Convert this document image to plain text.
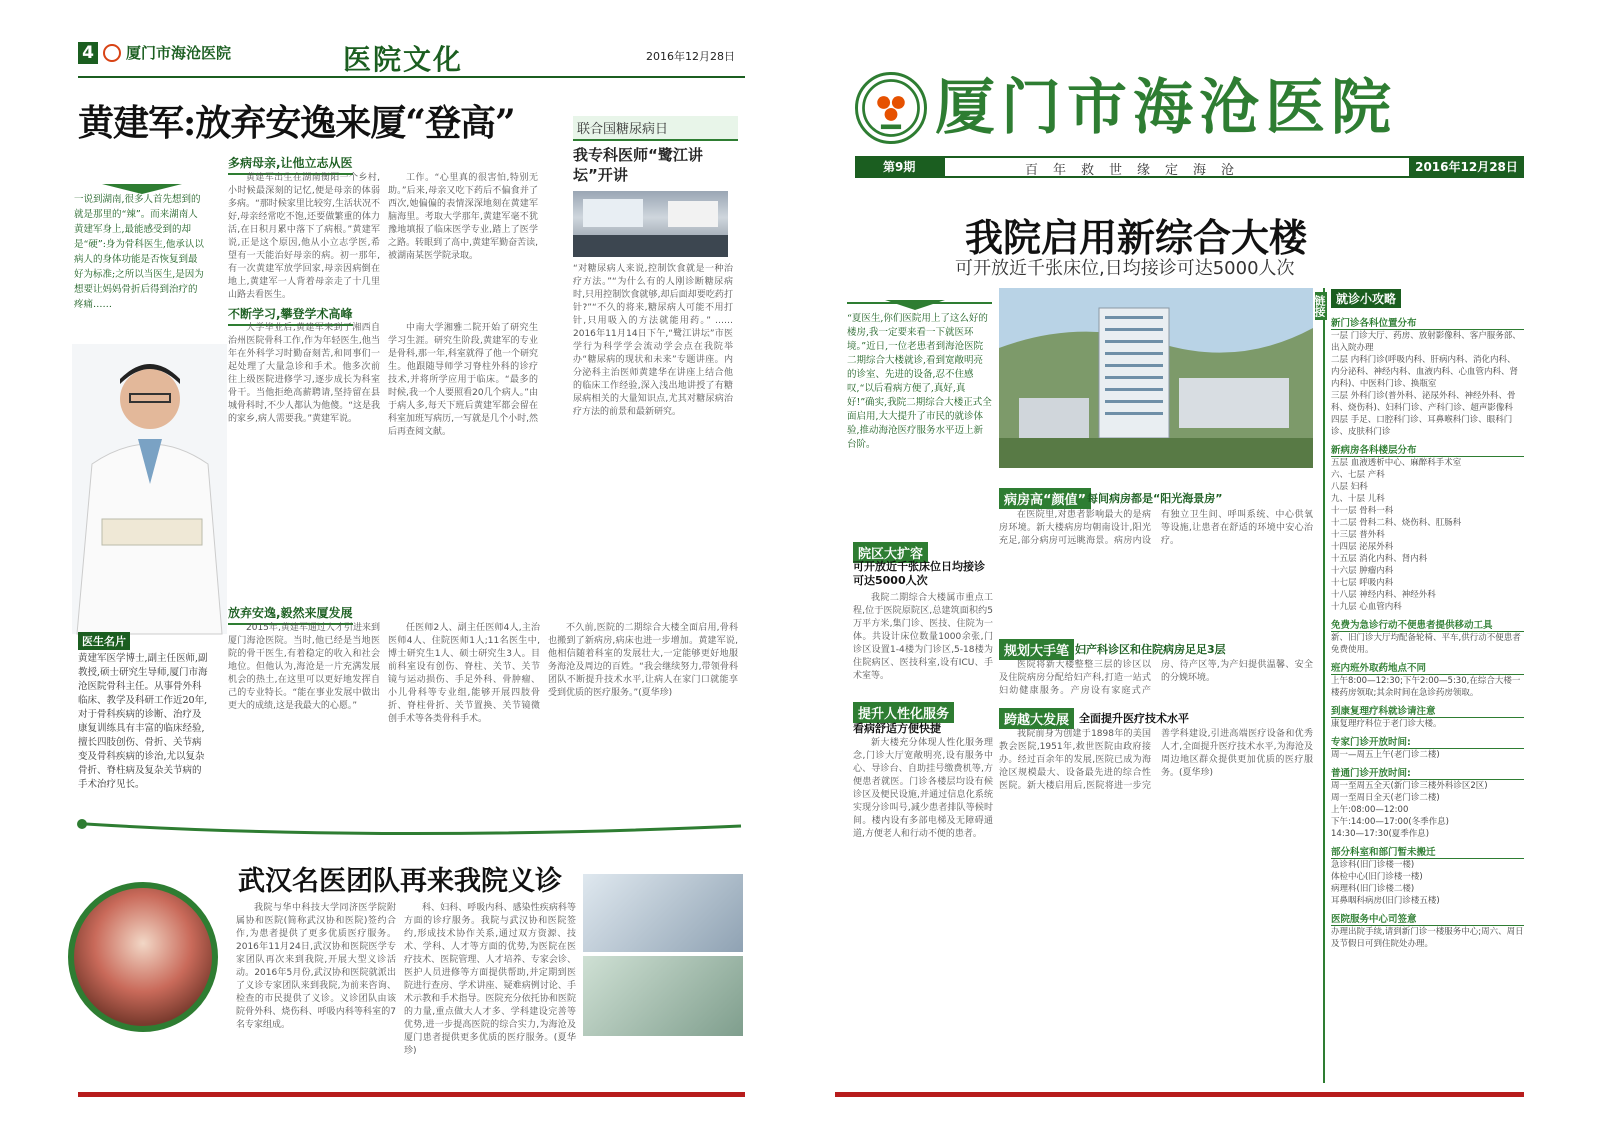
4 厦门市海沧医院	医院文化	2016年12月28日
黄建军:放弃安逸来厦“登高”	联合国糖尿病日
我专科医师“鹭江讲坛”开讲
“对糖尿病人来说,控制饮食就是一种治疗方法。”“为什么有的人刚诊断糖尿病时,只用控制饮食就够,却后面却要吃药打针?”“不久的将来,糖尿病人可能不用打针,只用吸入的方法就能用药。” ……2016年11月14日下午,“鹭江讲坛”市医学行为科学学会流动学会点在我院举办“糖尿病的现状和未来”专题讲座。内分泌科主治医师黄建华在讲座上结合他的临床工作经验,深入浅出地讲授了有糖尿病相关的大量知识点,尤其对糖尿病治疗方法的前景和最新研究。
一说到湖南,很多人首先想到的就是那里的“辣”。而来湖南人黄建军身上,最能感受到的却是“硬”:身为骨科医生,他承认以病人的身体功能是否恢复到最好为标准;之所以当医生,是因为想要让妈妈骨折后得到治疗的疼痛……
多病母亲,让他立志从医

黄建军出生在湖南衡阳一个乡村,小时候最深刻的记忆,便是母亲的体弱多病。“那时候家里比较穷,生活状况不好,母亲经常吃不饱,还要做繁重的体力活,在日积月累中落下了病根。”黄建军说,正是这个原因,他从小立志学医,希望有一天能治好母亲的病。初一那年,有一次黄建军放学回家,母亲因病倒在地上,黄建军一人背着母亲走了十几里山路去看医生。

工作。“心里真的很害怕,特别无助。”后来,母亲又吃下药后不偏食并了西次,她偏偏的表情深深地刻在黄建军脑海里。考取大学那年,黄建军毫不犹豫地填报了临床医学专业,踏上了医学之路。转眼到了高中,黄建军勤奋苦读,被湖南某医学院录取。

不断学习,攀登学术高峰

大学毕业后,黄建军来到了湘西自治州医院骨科工作,作为年轻医生,他当年在外科学习时勤奋刻苦,和同事们一起处理了大量急诊和手术。他多次前往上级医院进修学习,逐步成长为科室骨干。当他拒绝高薪聘请,坚持留在县城骨科时,不少人都认为他傻。“这是我的家乡,病人需要我。”黄建军说。

中南大学湘雅二院开始了研究生学习生涯。研究生阶段,黄建军的专业是骨科,那一年,科室就得了他一个研究生。他跟随导师学习脊柱外科的诊疗技术,并将所学应用于临床。“最多的时候,我一个人要照看20几个病人。”由于病人多,每天下班后黄建军都会留在科室加班写病历,一写就是几个小时,然后再查阅文献。

医生名片
黄建军医学博士,副主任医师,副教授,硕士研究生导师,厦门市海沧医院骨科主任。从事骨外科临床、教学及科研工作近20年,对于骨科疾病的诊断、治疗及康复训练具有丰富的临床经验,擅长四肢创伤、骨折、关节病变及骨科疾病的诊治,尤以复杂骨折、脊柱病及复杂关节病的手术治疗见长。
放弃安逸,毅然来厦发展

2015年,黄建军通过人才引进来到厦门海沧医院。当时,他已经是当地医院的骨干医生,有着稳定的收入和社会地位。但他认为,海沧是一片充满发展机会的热土,在这里可以更好地发挥自己的专业特长。“能在事业发展中做出更大的成绩,这是我最大的心愿。”

任医师2人、副主任医师4人,主治医师4人、住院医师1人;11名医生中,博士研究生1人、硕士研究生3人。目前科室设有创伤、脊柱、关节、关节镜与运动损伤、手足外科、骨肿瘤、小儿骨科等专业组,能够开展四肢骨折、脊柱骨折、关节置换、关节镜微创手术等各类骨科手术。

不久前,医院的二期综合大楼全面启用,骨科也搬到了新病房,病床也进一步增加。黄建军说,他相信随着科室的发展壮大,一定能够更好地服务海沧及周边的百姓。“我会继续努力,带领骨科团队不断提升技术水平,让病人在家门口就能享受到优质的医疗服务。”(夏华珍)

武汉名医团队再来我院义诊

我院与华中科技大学同济医学院附属协和医院(简称武汉协和医院)签约合作,为患者提供了更多优质医疗服务。2016年11月24日,武汉协和医院医学专家团队再次来到我院,开展大型义诊活动。2016年5月份,武汉协和医院就派出了义诊专家团队来到我院,为前来咨询、检查的市民提供了义诊。义诊团队由该院骨外科、烧伤科、呼吸内科等科室的7名专家组成。

科、妇科、呼吸内科、感染性疾病科等方面的诊疗服务。我院与武汉协和医院签约,形成技术协作关系,通过双方资源、技术、学科、人才等方面的优势,为医院在医疗技术、医院管理、人才培养、专家会诊、医护人员进修等方面提供帮助,并定期到医院进行查房、学术讲座、疑难病例讨论、手术示教和手术指导。医院充分依托协和医院的力量,重点做大人才多、学科建设完善等优势,进一步提高医院的综合实力,为海沧及厦门患者提供更多优质的医疗服务。(夏华珍)

厦门市海沧医院
第9期	百年救世缘定海沧	2016年12月28日
我院启用新综合大楼
可开放近千张床位,日均接诊可达5000人次
“夏医生,你们医院用上了这么好的楼房,我一定要来看一下就医环境。”近日,一位老患者到海沧医院二期综合大楼就诊,看到宽敞明亮的诊室、先进的设备,忍不住感叹,“以后看病方便了,真好,真好!”确实,我院二期综合大楼正式全面启用,大大提升了市民的就诊体验,推动海沧医疗服务水平迈上新台阶。
院区大扩容
可开放近千张床位日均接诊可达5000人次

我院二期综合大楼属市重点工程,位于医院原院区,总建筑面积约5万平方米,集门诊、医技、住院为一体。共设计床位数量1000余张,门诊区设置1-4楼为门诊区,5-18楼为住院病区、医技科室,设有ICU、手术室等。

病房高“颜值” 每间病房都是“阳光海景房”

在医院里,对患者影响最大的是病房环境。新大楼病房均朝南设计,阳光充足,部分病房可远眺海景。病房内设有独立卫生间、呼叫系统、中心供氧等设施,让患者在舒适的环境中安心治疗。

规划大手笔 妇产科诊区和住院病房足足3层

医院将新大楼整整三层的诊区以及住院病房分配给妇产科,打造一站式妇幼健康服务。产房设有家庭式产房、待产区等,为产妇提供温馨、安全的分娩环境。

提升人性化服务
看病舒适方便快捷

新大楼充分体现人性化服务理念,门诊大厅宽敞明亮,设有服务中心、导诊台、自助挂号缴费机等,方便患者就医。门诊各楼层均设有候诊区及便民设施,并通过信息化系统实现分诊叫号,减少患者排队等候时间。楼内设有多部电梯及无障碍通道,方便老人和行动不便的患者。

跨越大发展 全面提升医疗技术水平

我院前身为创建于1898年的美国教会医院,1951年,救世医院由政府接办。经过百余年的发展,医院已成为海沧区规模最大、设备最先进的综合性医院。新大楼启用后,医院将进一步完善学科建设,引进高端医疗设备和优秀人才,全面提升医疗技术水平,为海沧及周边地区群众提供更加优质的医疗服务。(夏华珍)

链接 就诊小攻略
新门诊各科位置分布
一层 门诊大厅、药房、放射影像科、客户服务部、出入院办理
二层 内科门诊(呼吸内科、肝病内科、消化内科、内分泌科、神经内科、血液内科、心血管内科、肾内科)、中医科门诊、换瓶室
三层 外科门诊(普外科、泌尿外科、神经外科、骨科、烧伤科)、妇科门诊、产科门诊、超声影像科
四层 手足、口腔科门诊、耳鼻喉科门诊、眼科门诊、皮肤科门诊
新病房各科楼层分布
五层 血液透析中心、麻醉科手术室
六、七层 产科
八层 妇科
九、十层 儿科
十一层 骨科一科
十二层 骨科二科、烧伤科、肛肠科
十三层 普外科
十四层 泌尿外科
十五层 消化内科、肾内科
十六层 肿瘤内科
十七层 呼吸内科
十八层 神经内科、神经外科
十九层 心血管内科
免费为急诊行动不便患者提供移动工具
新、旧门诊大厅均配备轮椅、平车,供行动不便患者免费使用。
班内班外取药地点不同
上午8:00—12:30;下午2:00—5:30,在综合大楼一楼药房领取;其余时间在急诊药房领取。
到康复理疗科就诊请注意
康复理疗科位于老门诊大楼。
专家门诊开放时间:
周一—周五上午(老门诊二楼)
普通门诊开放时间:
周一至周五全天(新门诊三楼外科诊区2区)
周一至周日全天(老门诊二楼)
上午:08:00—12:00
下午:14:00—17:00(冬季作息)
14:30—17:30(夏季作息)
部分科室和部门暂未搬迁
急诊科(旧门诊楼一楼)
体检中心(旧门诊楼一楼)
病理科(旧门诊楼二楼)
耳鼻咽科病房(旧门诊楼五楼)
医院服务中心司签意
办理出院手续,请到新门诊一楼服务中心;周六、周日及节假日可到住院处办理。
